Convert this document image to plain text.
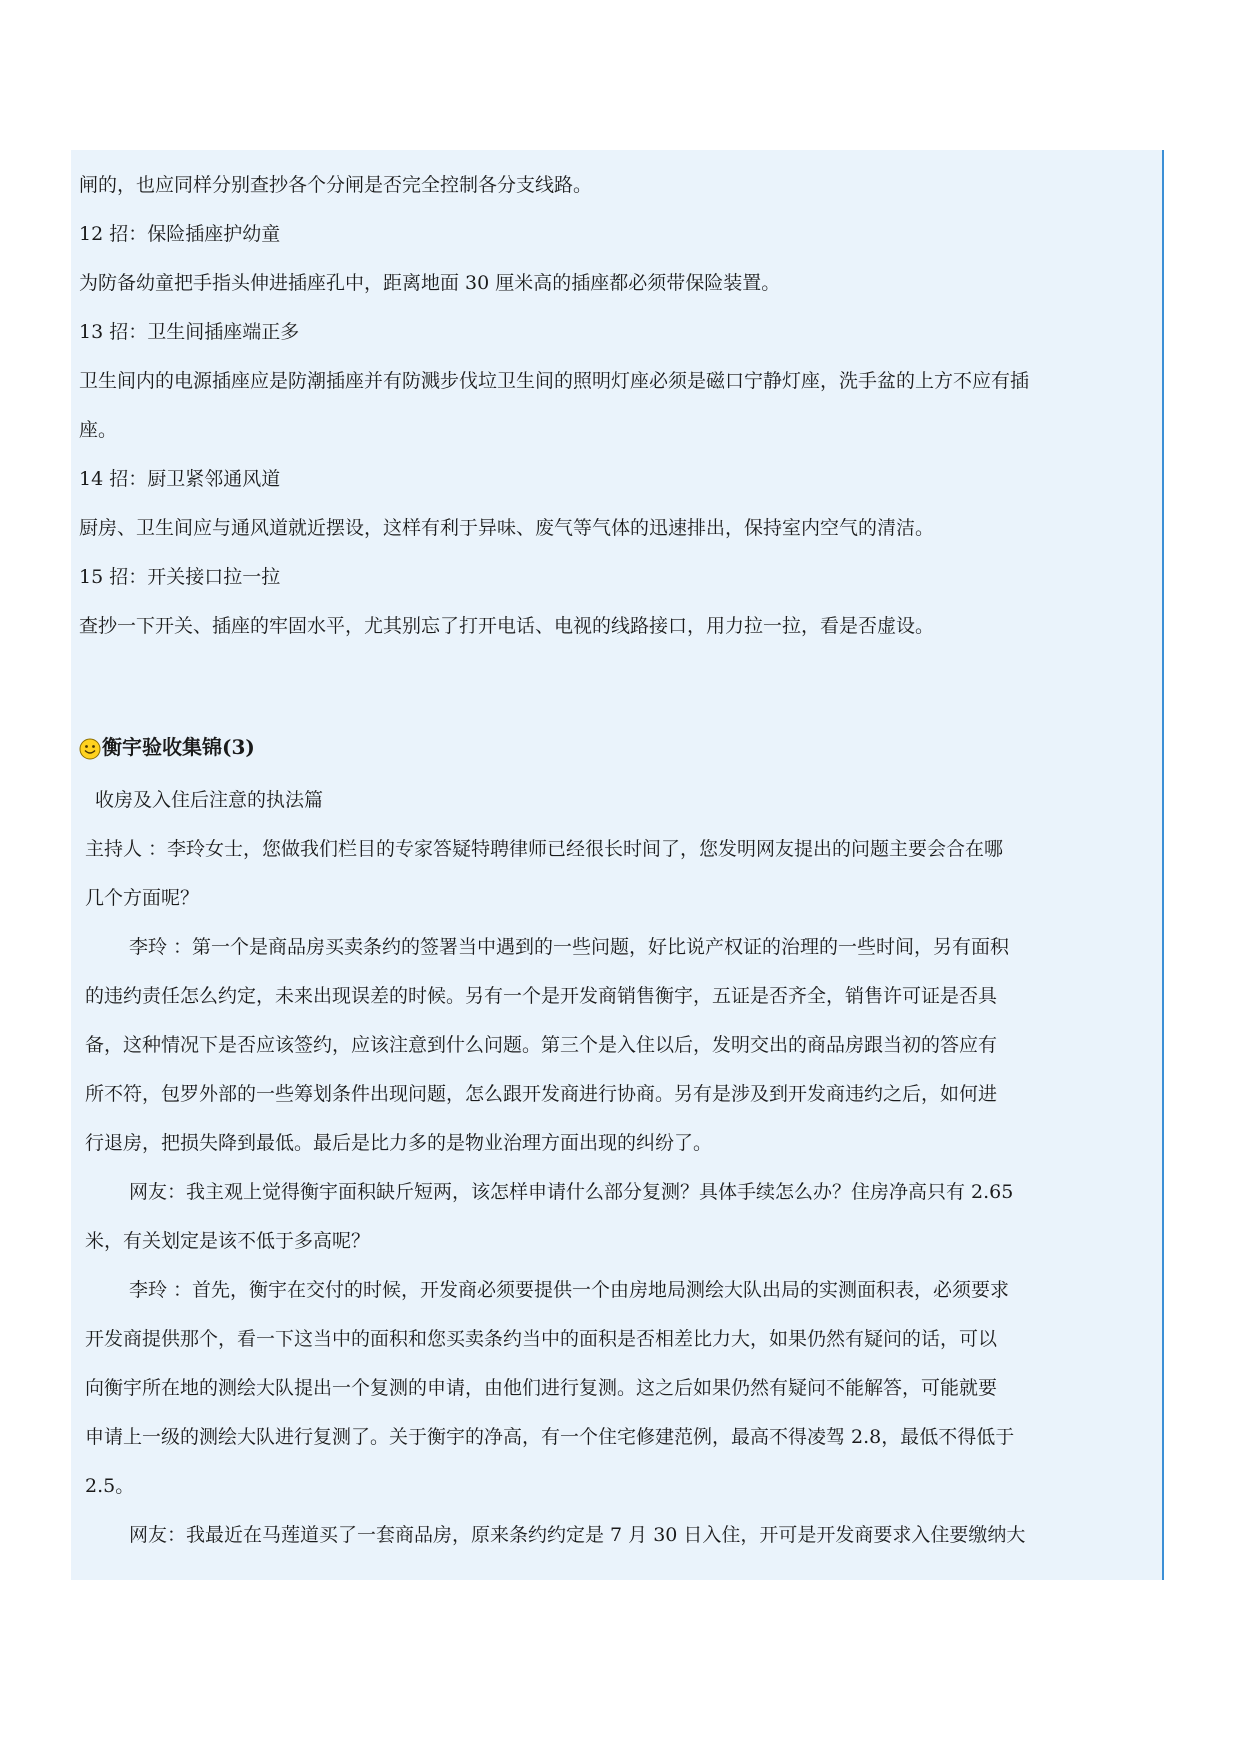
闸的，也应同样分别查抄各个分闸是否完全控制各分支线路。
12 招：保险插座护幼童
为防备幼童把手指头伸进插座孔中，距离地面 30 厘米高的插座都必须带保险装置。
13 招：卫生间插座端正多
卫生间内的电源插座应是防潮插座并有防溅步伐垃卫生间的照明灯座必须是磁口宁静灯座，洗手盆的上方不应有插
座。
14 招：厨卫紧邻通风道
厨房、卫生间应与通风道就近摆设，这样有利于异味、废气等气体的迅速排出，保持室内空气的清洁。
15 招：开关接口拉一拉
查抄一下开关、插座的牢固水平，尤其别忘了打开电话、电视的线路接口，用力拉一拉，看是否虚设。
衡宇验收集锦(3)
收房及入住后注意的执法篇
主持人 ：李玲女士，您做我们栏目的专家答疑特聘律师已经很长时间了，您发明网友提出的问题主要会合在哪
几个方面呢？
李玲 ：第一个是商品房买卖条约的签署当中遇到的一些问题，好比说产权证的治理的一些时间，另有面积
的违约责任怎么约定，未来出现误差的时候。另有一个是开发商销售衡宇，五证是否齐全，销售许可证是否具
备，这种情况下是否应该签约，应该注意到什么问题。第三个是入住以后，发明交出的商品房跟当初的答应有
所不符，包罗外部的一些筹划条件出现问题，怎么跟开发商进行协商。另有是涉及到开发商违约之后，如何进
行退房，把损失降到最低。最后是比力多的是物业治理方面出现的纠纷了。
网友：我主观上觉得衡宇面积缺斤短两，该怎样申请什么部分复测？具体手续怎么办？住房净高只有 2.65
米，有关划定是该不低于多高呢？
李玲 ：首先，衡宇在交付的时候，开发商必须要提供一个由房地局测绘大队出局的实测面积表，必须要求
开发商提供那个，看一下这当中的面积和您买卖条约当中的面积是否相差比力大，如果仍然有疑问的话，可以
向衡宇所在地的测绘大队提出一个复测的申请，由他们进行复测。这之后如果仍然有疑问不能解答，可能就要
申请上一级的测绘大队进行复测了。关于衡宇的净高，有一个住宅修建范例，最高不得凌驾 2.8，最低不得低于
2.5。
网友：我最近在马莲道买了一套商品房，原来条约约定是 7 月 30 日入住，开可是开发商要求入住要缴纳大
